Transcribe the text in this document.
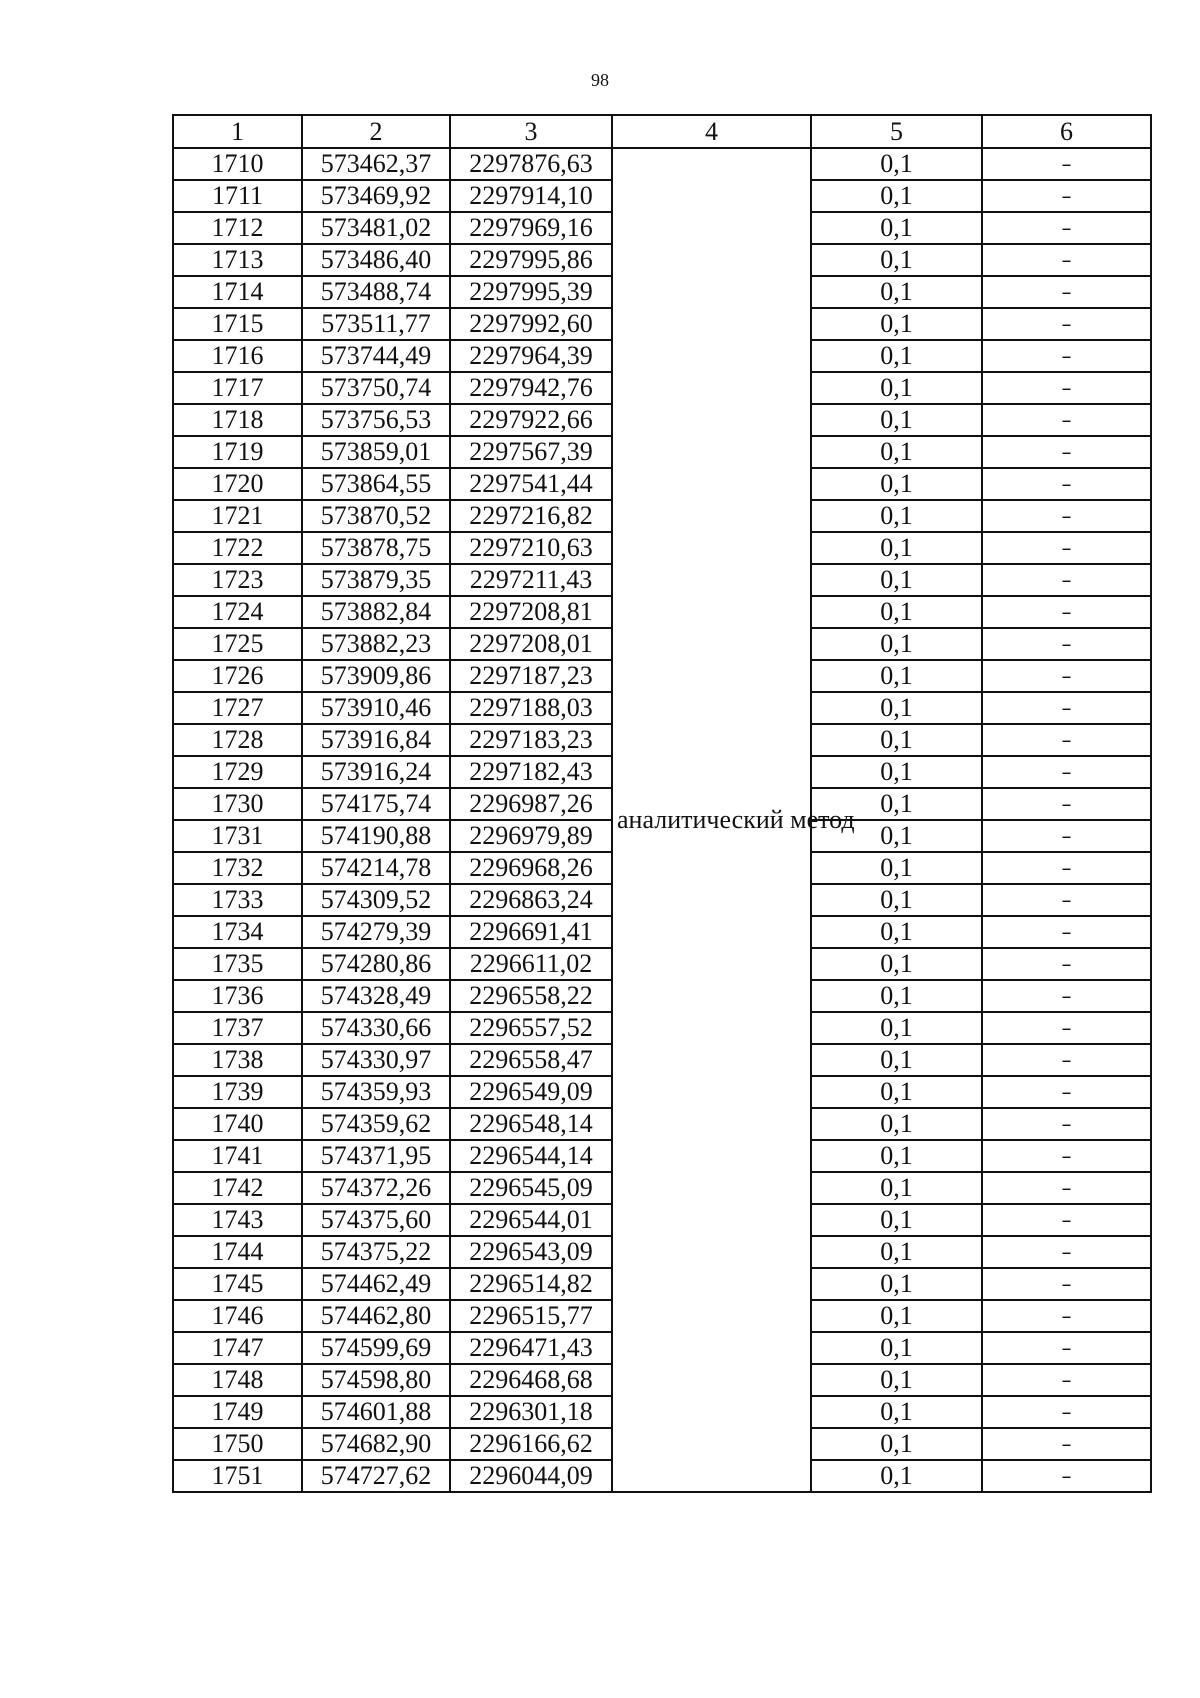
98
1	2	3	4	5	6
1710	573462,37	2297876,63	аналитический метод	0,1	–
1711	573469,92	2297914,10		0,1	–
1712	573481,02	2297969,16		0,1	–
1713	573486,40	2297995,86		0,1	–
1714	573488,74	2297995,39		0,1	–
1715	573511,77	2297992,60		0,1	–
1716	573744,49	2297964,39		0,1	–
1717	573750,74	2297942,76		0,1	–
1718	573756,53	2297922,66		0,1	–
1719	573859,01	2297567,39		0,1	–
1720	573864,55	2297541,44		0,1	–
1721	573870,52	2297216,82		0,1	–
1722	573878,75	2297210,63		0,1	–
1723	573879,35	2297211,43		0,1	–
1724	573882,84	2297208,81		0,1	–
1725	573882,23	2297208,01		0,1	–
1726	573909,86	2297187,23		0,1	–
1727	573910,46	2297188,03		0,1	–
1728	573916,84	2297183,23		0,1	–
1729	573916,24	2297182,43		0,1	–
1730	574175,74	2296987,26		0,1	–
1731	574190,88	2296979,89		0,1	–
1732	574214,78	2296968,26		0,1	–
1733	574309,52	2296863,24		0,1	–
1734	574279,39	2296691,41		0,1	–
1735	574280,86	2296611,02		0,1	–
1736	574328,49	2296558,22		0,1	–
1737	574330,66	2296557,52		0,1	–
1738	574330,97	2296558,47		0,1	–
1739	574359,93	2296549,09		0,1	–
1740	574359,62	2296548,14		0,1	–
1741	574371,95	2296544,14		0,1	–
1742	574372,26	2296545,09		0,1	–
1743	574375,60	2296544,01		0,1	–
1744	574375,22	2296543,09		0,1	–
1745	574462,49	2296514,82		0,1	–
1746	574462,80	2296515,77		0,1	–
1747	574599,69	2296471,43		0,1	–
1748	574598,80	2296468,68		0,1	–
1749	574601,88	2296301,18		0,1	–
1750	574682,90	2296166,62		0,1	–
1751	574727,62	2296044,09		0,1	–
